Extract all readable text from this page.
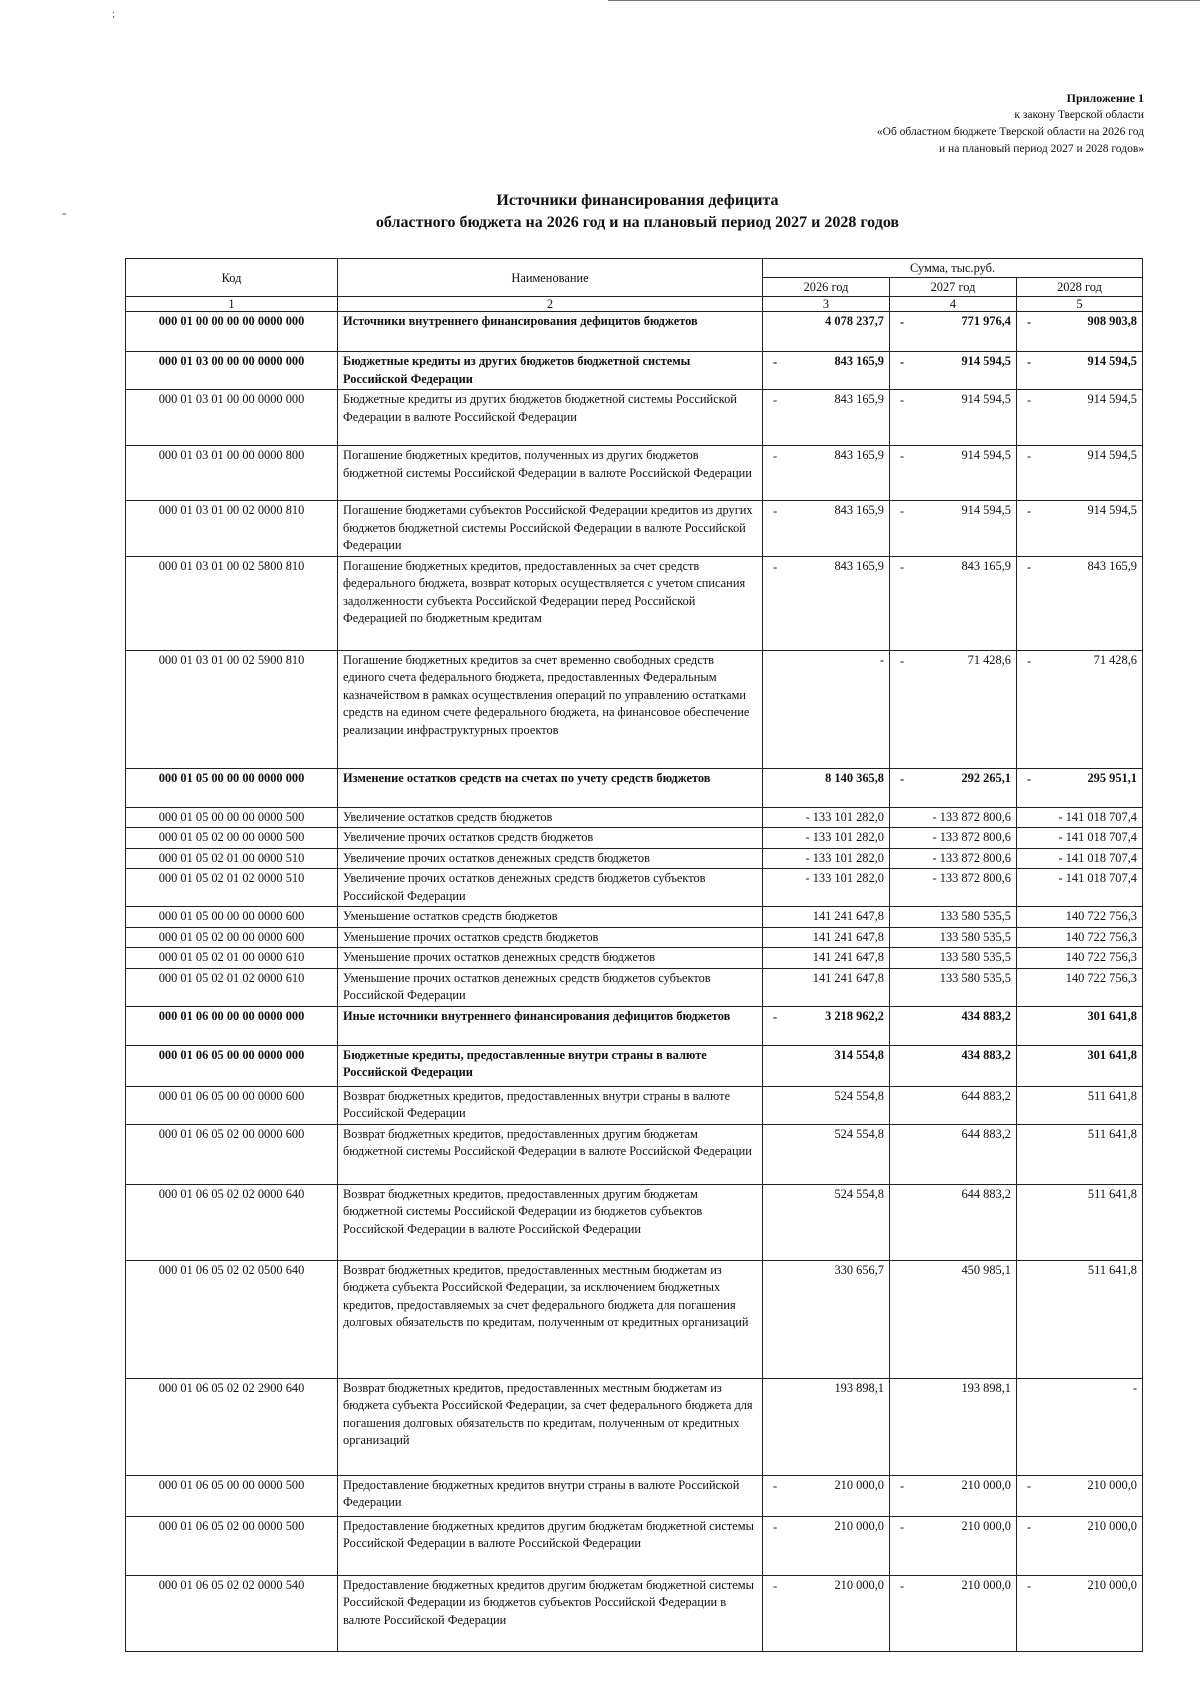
;
-
Приложение 1
к закону Тверской области
«Об областном бюджете Тверской области на 2026 год
и на плановый период 2027 и 2028 годов»
Источники финансирования дефицита
областного бюджета на 2026 год и на плановый период 2027 и 2028 годов
Код	Наименование	Сумма, тыс.руб.		
		2026 год	2027 год	2028 год
1	2	3	4	5
000 01 00 00 00 00 0000 000	Источники внутреннего финансирования дефицитов бюджетов	4 078 237,7	- 771 976,4	- 908 903,8

000 01 03 00 00 00 0000 000	Бюджетные кредиты из других бюджетов бюджетной системы Российской Федерации	- 843 165,9	- 914 594,5	- 914 594,5

000 01 03 01 00 00 0000 000	Бюджетные кредиты из других бюджетов бюджетной системы Российской Федерации в валюте Российской Федерации	- 843 165,9	- 914 594,5	- 914 594,5

000 01 03 01 00 00 0000 800	Погашение бюджетных кредитов, полученных из других бюджетов бюджетной системы Российской Федерации в валюте Российской Федерации	- 843 165,9	- 914 594,5	- 914 594,5

000 01 03 01 00 02 0000 810	Погашение бюджетами субъектов Российской Федерации кредитов из других бюджетов бюджетной системы Российской Федерации в валюте Российской Федерации	- 843 165,9	- 914 594,5	- 914 594,5

000 01 03 01 00 02 5800 810	Погашение бюджетных кредитов, предоставленных за счет средств федерального бюджета, возврат которых осуществляется с учетом списания задолженности субъекта Российской Федерации перед Российской Федерацией по бюджетным кредитам	- 843 165,9	- 843 165,9	- 843 165,9

000 01 03 01 00 02 5900 810	Погашение бюджетных кредитов за счет временно свободных средств единого счета федерального бюджета, предоставленных Федеральным казначейством в рамках осуществления операций по управлению остатками средств на едином счете федерального бюджета, на финансовое обеспечение реализации инфраструктурных проектов	-	- 71 428,6	- 71 428,6

000 01 05 00 00 00 0000 000	Изменение остатков средств на счетах по учету средств бюджетов	8 140 365,8	- 292 265,1	- 295 951,1

000 01 05 00 00 00 0000 500	Увеличение остатков средств бюджетов	- 133 101 282,0	- 133 872 800,6	- 141 018 707,4

000 01 05 02 00 00 0000 500	Увеличение прочих остатков средств бюджетов	- 133 101 282,0	- 133 872 800,6	- 141 018 707,4

000 01 05 02 01 00 0000 510	Увеличение прочих остатков денежных средств бюджетов	- 133 101 282,0	- 133 872 800,6	- 141 018 707,4

000 01 05 02 01 02 0000 510	Увеличение прочих остатков денежных средств бюджетов субъектов Российской Федерации	- 133 101 282,0	- 133 872 800,6	- 141 018 707,4

000 01 05 00 00 00 0000 600	Уменьшение остатков средств бюджетов	141 241 647,8	133 580 535,5	140 722 756,3

000 01 05 02 00 00 0000 600	Уменьшение прочих остатков средств бюджетов	141 241 647,8	133 580 535,5	140 722 756,3

000 01 05 02 01 00 0000 610	Уменьшение прочих остатков денежных средств бюджетов	141 241 647,8	133 580 535,5	140 722 756,3

000 01 05 02 01 02 0000 610	Уменьшение прочих остатков денежных средств бюджетов субъектов Российской Федерации	141 241 647,8	133 580 535,5	140 722 756,3

000 01 06 00 00 00 0000 000	Иные источники внутреннего финансирования дефицитов бюджетов	- 3 218 962,2	434 883,2	301 641,8

000 01 06 05 00 00 0000 000	Бюджетные кредиты, предоставленные внутри страны в валюте Российской Федерации	314 554,8	434 883,2	301 641,8

000 01 06 05 00 00 0000 600	Возврат бюджетных кредитов, предоставленных внутри страны в валюте Российской Федерации	524 554,8	644 883,2	511 641,8

000 01 06 05 02 00 0000 600	Возврат бюджетных кредитов, предоставленных другим бюджетам бюджетной системы Российской Федерации в валюте Российской Федерации	524 554,8	644 883,2	511 641,8

000 01 06 05 02 02 0000 640	Возврат бюджетных кредитов, предоставленных другим бюджетам бюджетной системы Российской Федерации из бюджетов субъектов Российской Федерации в валюте Российской Федерации	524 554,8	644 883,2	511 641,8

000 01 06 05 02 02 0500 640	Возврат бюджетных кредитов, предоставленных местным бюджетам из бюджета субъекта Российской Федерации, за исключением бюджетных кредитов, предоставляемых за счет федерального бюджета для погашения долговых обязательств по кредитам, полученным от кредитных организаций	330 656,7	450 985,1	511 641,8

000 01 06 05 02 02 2900 640	Возврат бюджетных кредитов, предоставленных местным бюджетам из бюджета субъекта Российской Федерации, за счет федерального бюджета для погашения долговых обязательств по кредитам, полученным от кредитных организаций	193 898,1	193 898,1	-

000 01 06 05 00 00 0000 500	Предоставление бюджетных кредитов внутри страны в валюте Российской Федерации	- 210 000,0	- 210 000,0	- 210 000,0

000 01 06 05 02 00 0000 500	Предоставление бюджетных кредитов другим бюджетам бюджетной системы Российской Федерации в валюте Российской Федерации	- 210 000,0	- 210 000,0	- 210 000,0

000 01 06 05 02 02 0000 540	Предоставление бюджетных кредитов другим бюджетам бюджетной системы Российской Федерации из бюджетов субъектов Российской Федерации в валюте Российской Федерации	- 210 000,0	- 210 000,0	- 210 000,0
